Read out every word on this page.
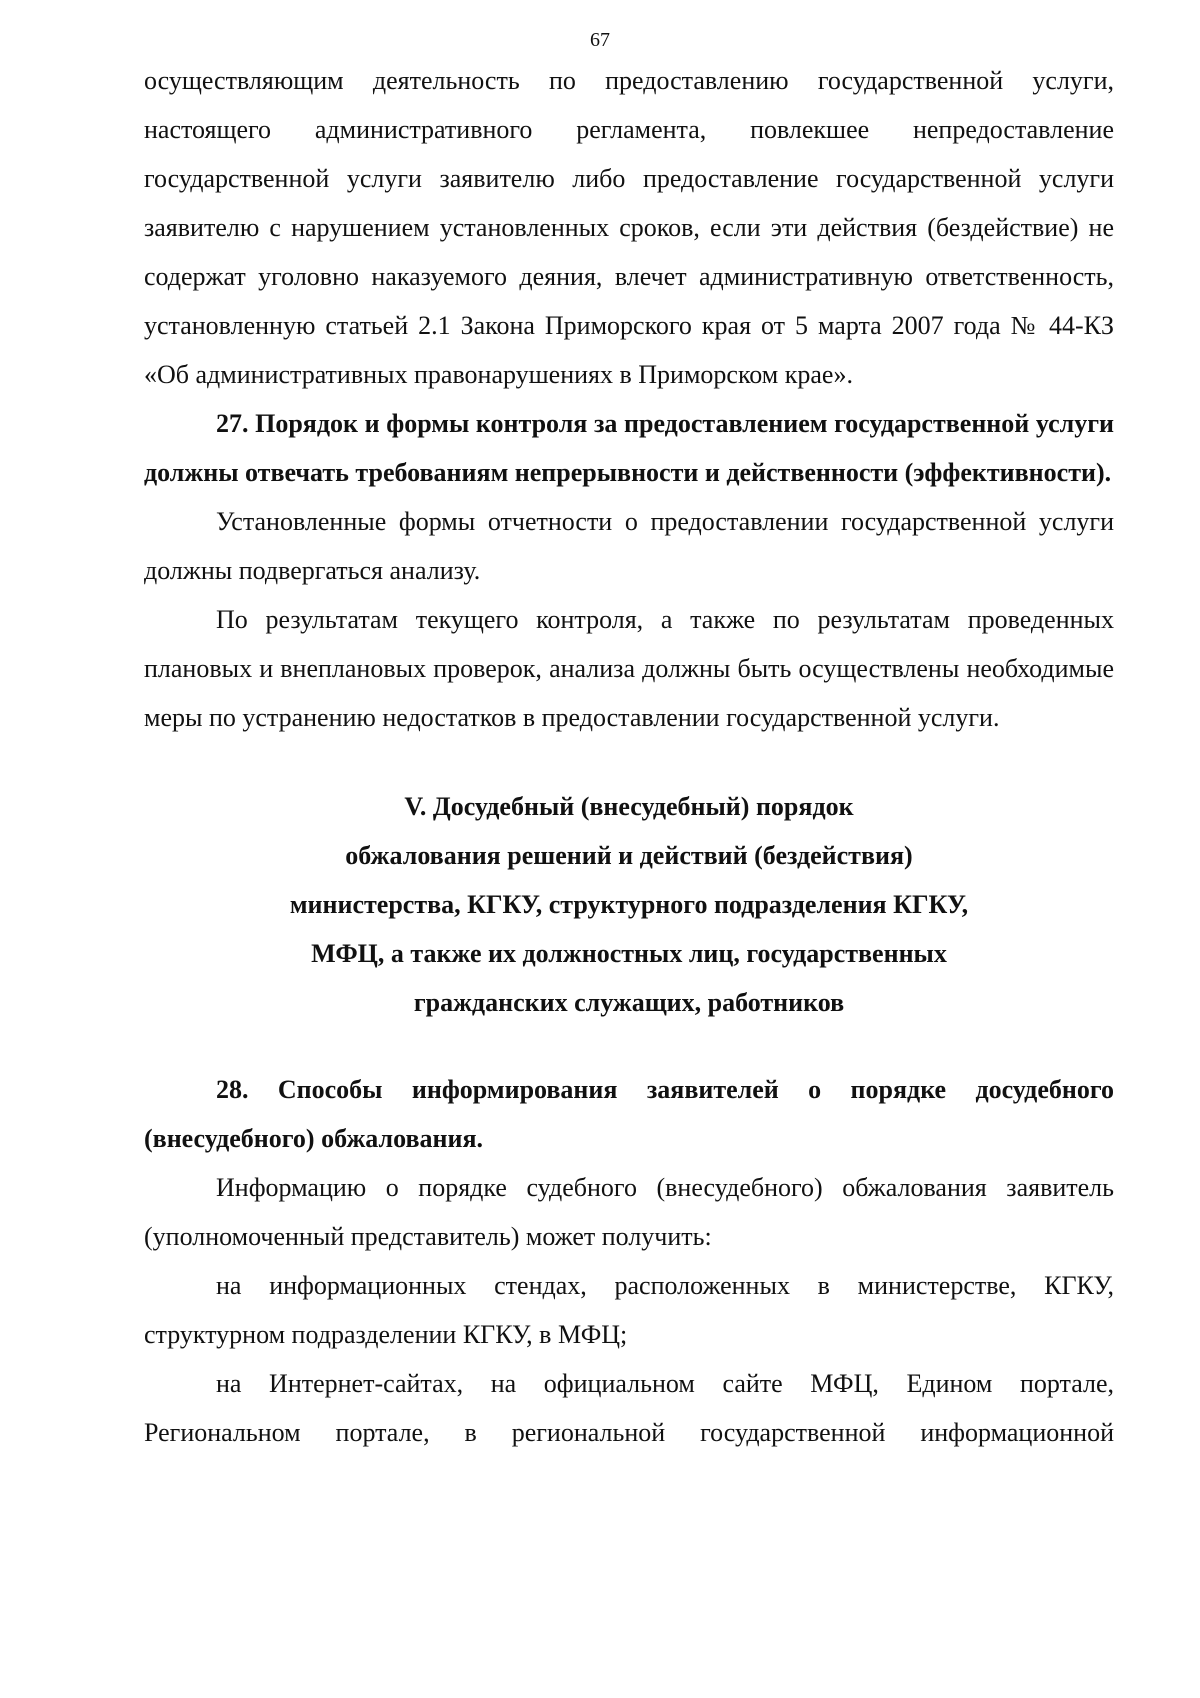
67

осуществляющим деятельность по предоставлению государственной услуги, настоящего административного регламента, повлекшее непредоставление государственной услуги заявителю либо предоставление государственной услуги заявителю с нарушением установленных сроков, если эти действия (бездействие) не содержат уголовно наказуемого деяния, влечет административную ответственность, установленную статьей 2.1 Закона Приморского края от 5 марта 2007 года № 44-КЗ «Об административных правонарушениях в Приморском крае».

27. Порядок и формы контроля за предоставлением государственной услуги должны отвечать требованиям непрерывности и действенности (эффективности).

Установленные формы отчетности о предоставлении государственной услуги должны подвергаться анализу.

По результатам текущего контроля, а также по результатам проведенных плановых и внеплановых проверок, анализа должны быть осуществлены необходимые меры по устранению недостатков в предоставлении государственной услуги.

V. Досудебный (внесудебный) порядок
обжалования решений и действий (бездействия)
министерства, КГКУ, структурного подразделения КГКУ,
МФЦ, а также их должностных лиц, государственных
гражданских служащих, работников

28. Способы информирования заявителей о порядке досудебного (внесудебного) обжалования.

Информацию о порядке судебного (внесудебного) обжалования заявитель (уполномоченный представитель) может получить:

на информационных стендах, расположенных в министерстве, КГКУ, структурном подразделении КГКУ, в МФЦ;

на Интернет-сайтах, на официальном сайте МФЦ, Едином портале, Региональном портале, в региональной государственной информационной
